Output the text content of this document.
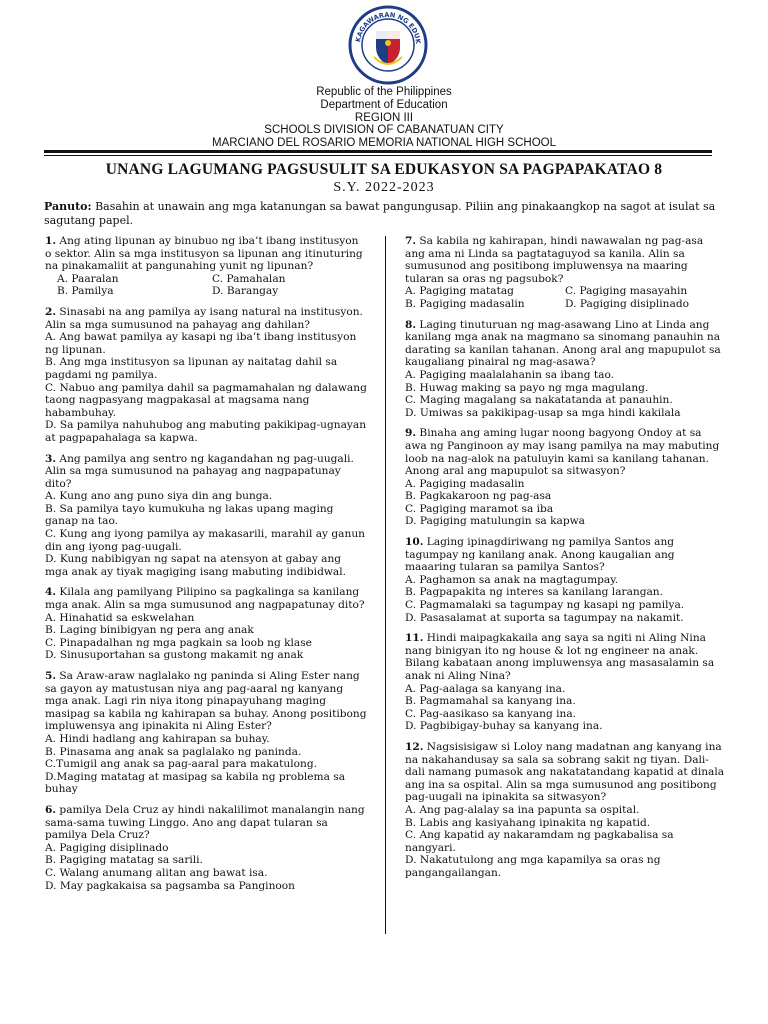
KAGAWARAN NG EDUK
Republic of the Philippines
Department of Education
REGION III
SCHOOLS DIVISION OF CABANATUAN CITY
MARCIANO DEL ROSARIO MEMORIA NATIONAL HIGH SCHOOL
UNANG LAGUMANG PAGSUSULIT SA EDUKASYON SA PAGPAPAKATAO 8
S.Y. 2022-2023
Panuto: Basahin at unawain ang mga katanungan sa bawat pangungusap. Piliin ang pinakaangkop na sagot at isulat sa sagutang papel.
1. Ang ating lipunan ay binubuo ng iba’t ibang institusyon o sektor. Alin sa mga institusyon sa lipunan ang itinuturing na pinakamaliit at pangunahing yunit ng lipunan?
A. Paaralan	C. Pamahalan
B. Pamilya	D. Barangay
2. Sinasabi na ang pamilya ay isang natural na institusyon. Alin sa mga sumusunod na pahayag ang dahilan?
A. Ang bawat pamilya ay kasapi ng iba’t ibang institusyon ng lipunan.
B. Ang mga institusyon sa lipunan ay naitatag dahil sa pagdami ng pamilya.
C. Nabuo ang pamilya dahil sa pagmamahalan ng dalawang taong nagpasyang magpakasal at magsama nang habambuhay.
D. Sa pamilya nahuhubog ang mabuting pakikipag-ugnayan at pagpapahalaga sa kapwa.
3. Ang pamilya ang sentro ng kagandahan ng pag-uugali. Alin sa mga sumusunod na pahayag ang nagpapatunay dito?
A. Kung ano ang puno siya din ang bunga.
B. Sa pamilya tayo kumukuha ng lakas upang maging ganap na tao.
C. Kung ang iyong pamilya ay makasarili, marahil ay ganun din ang iyong pag-uugali.
D. Kung nabibigyan ng sapat na atensyon at gabay ang mga anak ay tiyak magiging isang mabuting indibidwal.
4. Kilala ang pamilyang Pilipino sa pagkalinga sa kanilang mga anak. Alin sa mga sumusunod ang nagpapatunay dito?
A. Hinahatid sa eskwelahan
B. Laging binibigyan ng pera ang anak
C. Pinapadalhan ng mga pagkain sa loob ng klase
D. Sinusuportahan sa gustong makamit ng anak
5. Sa Araw-araw naglalako ng paninda si Aling Ester nang sa gayon ay matustusan niya ang pag-aaral ng kanyang mga anak. Lagi rin niya itong pinapayuhang maging masipag sa kabila ng kahirapan sa buhay. Anong positibong impluwensya ang ipinakita ni Aling Ester?
A. Hindi hadlang ang kahirapan sa buhay.
B. Pinasama ang anak sa paglalako ng paninda.
C.Tumigil ang anak sa pag-aaral para makatulong.
D.Maging matatag at masipag sa kabila ng problema sa buhay
6. pamilya Dela Cruz ay hindi nakalilimot manalangin nang sama-sama tuwing Linggo. Ano ang dapat tularan sa pamilya Dela Cruz?
A. Pagiging disiplinado
B. Pagiging matatag sa sarili.
C. Walang anumang alitan ang bawat isa.
D. May pagkakaisa sa pagsamba sa Panginoon
7. Sa kabila ng kahirapan, hindi nawawalan ng pag-asa ang ama ni Linda sa pagtataguyod sa kanila. Alin sa sumusunod ang positibong impluwensya na maaring tularan sa oras ng pagsubok?
A. Pagiging matatag	C. Pagiging masayahin
B. Pagiging madasalin	D. Pagiging disiplinado
8. Laging tinuturuan ng mag-asawang Lino at Linda ang kanilang mga anak na magmano sa sinomang panauhin na darating sa kanilan tahanan. Anong aral ang mapupulot sa kaugaliang pinairal ng mag-asawa?
A. Pagiging maalalahanin sa ibang tao.
B. Huwag making sa payo ng mga magulang.
C. Maging magalang sa nakatatanda at panauhin.
D. Umiwas sa pakikipag-usap sa mga hindi kakilala
9. Binaha ang aming lugar noong bagyong Ondoy at sa awa ng Panginoon ay may isang pamilya na may mabuting loob na nag-alok na patuluyin kami sa kanilang tahanan. Anong aral ang mapupulot sa sitwasyon?
A. Pagiging madasalin
B. Pagkakaroon ng pag-asa
C. Pagiging maramot sa iba
D. Pagiging matulungin sa kapwa
10. Laging ipinagdiriwang ng pamilya Santos ang tagumpay ng kanilang anak. Anong kaugalian ang maaaring tularan sa pamilya Santos?
A. Paghamon sa anak na magtagumpay.
B. Pagpapakita ng interes sa kanilang larangan.
C. Pagmamalaki sa tagumpay ng kasapi ng pamilya.
D. Pasasalamat at suporta sa tagumpay na nakamit.
11. Hindi maipagkakaila ang saya sa ngiti ni Aling Nina nang binigyan ito ng house & lot ng engineer na anak. Bilang kabataan anong impluwensya ang masasalamin sa anak ni Aling Nina?
A. Pag-aalaga sa kanyang ina.
B. Pagmamahal sa kanyang ina.
C. Pag-aasikaso sa kanyang ina.
D. Pagbibigay-buhay sa kanyang ina.
12. Nagsisisigaw si Loloy nang madatnan ang kanyang ina na nakahandusay sa sala sa sobrang sakit ng tiyan. Dali-dali namang pumasok ang nakatatandang kapatid at dinala ang ina sa ospital. Alin sa mga sumusunod ang positibong pag-uugali na ipinakita sa sitwasyon?
A. Ang pag-alalay sa ina papunta sa ospital.
B. Labis ang kasiyahang ipinakita ng kapatid.
C. Ang kapatid ay nakaramdam ng pagkabalisa sa nangyari.
D. Nakatutulong ang mga kapamilya sa oras ng pangangailangan.
